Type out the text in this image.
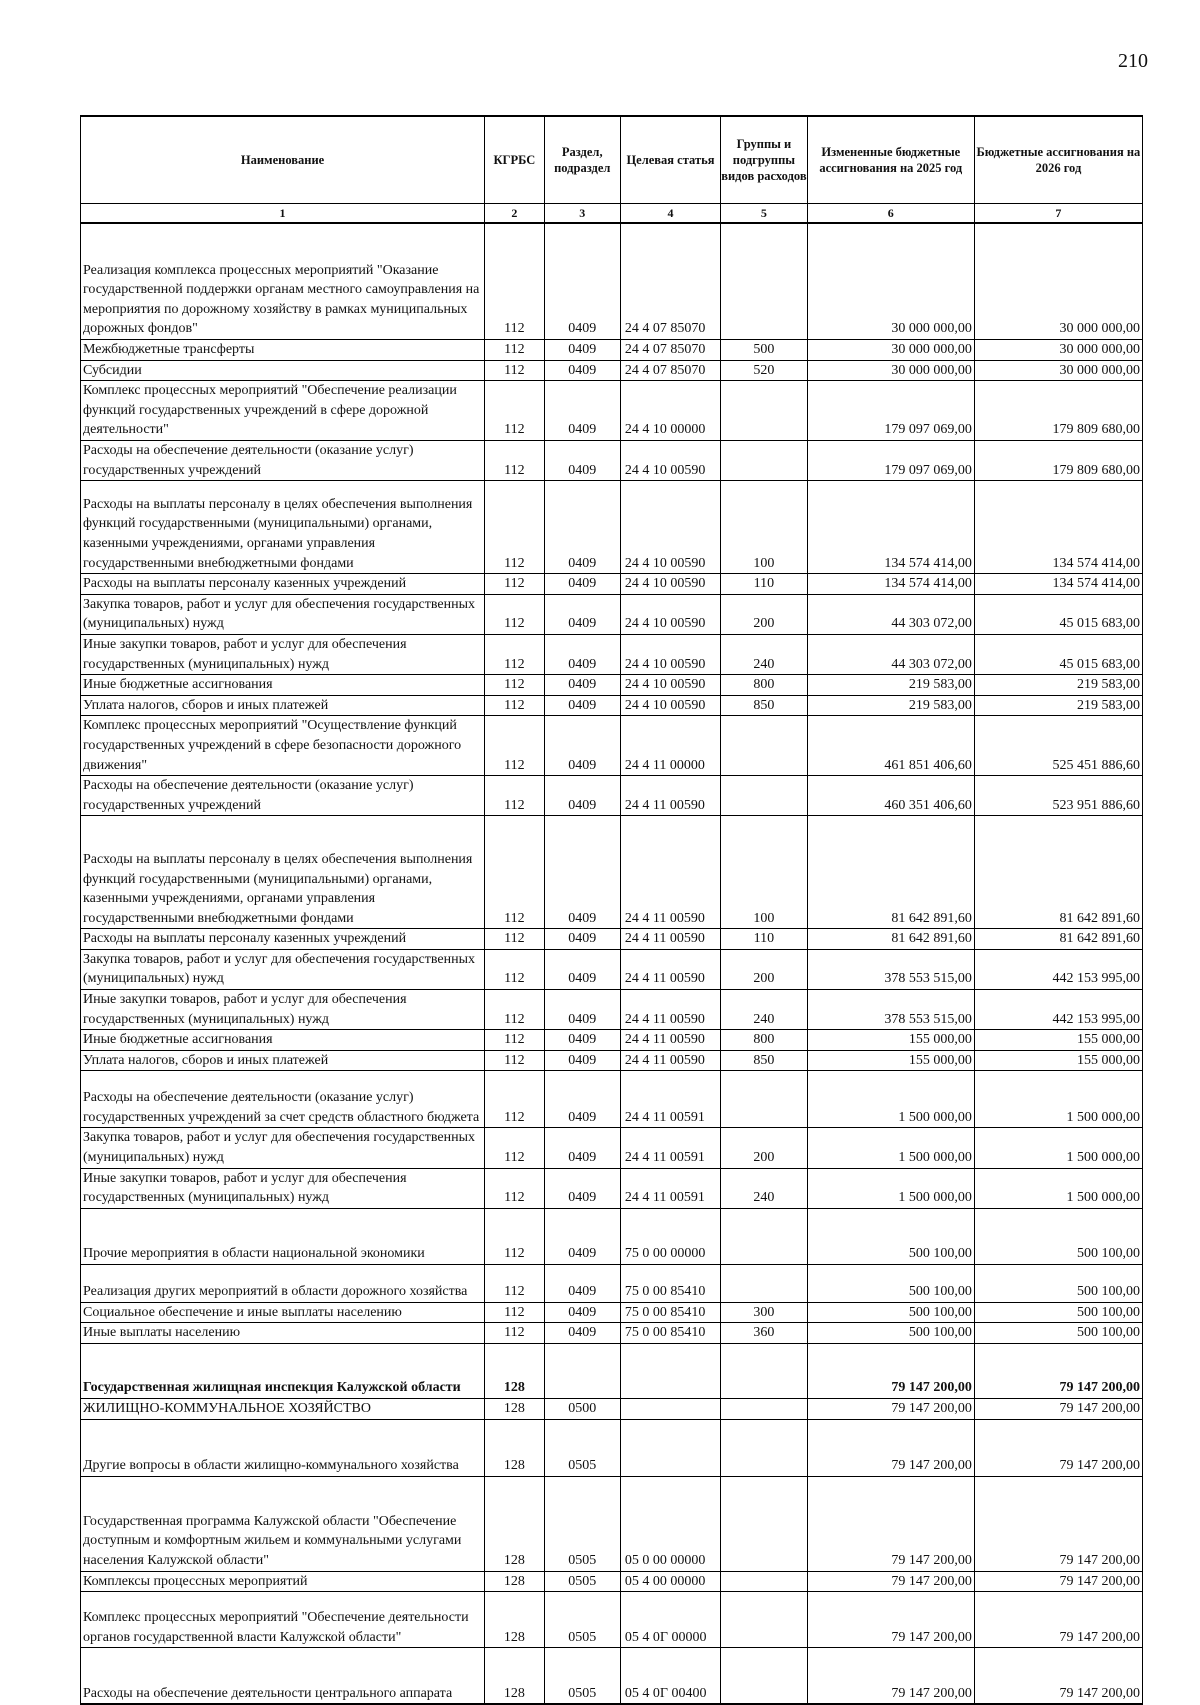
210
Наименование	КГРБС	Раздел, подраздел	Целевая статья	Группы и подгруппы видов расходов	Измененные бюджетные ассигнования на 2025 год	Бюджетные ассигнования на 2026 год
1	2	3	4	5	6	7
Реализация комплекса процессных мероприятий "Оказание государственной поддержки органам местного самоуправления на мероприятия по дорожному хозяйству в рамках муниципальных дорожных фондов"	112	0409	24 4 07 85070		30 000 000,00	30 000 000,00
Межбюджетные трансферты	112	0409	24 4 07 85070	500	30 000 000,00	30 000 000,00
Субсидии	112	0409	24 4 07 85070	520	30 000 000,00	30 000 000,00
Комплекс процессных мероприятий "Обеспечение реализации функций государственных учреждений в сфере дорожной деятельности"	112	0409	24 4 10 00000		179 097 069,00	179 809 680,00
Расходы на обеспечение деятельности (оказание услуг) государственных учреждений	112	0409	24 4 10 00590		179 097 069,00	179 809 680,00
Расходы на выплаты персоналу в целях обеспечения выполнения функций государственными (муниципальными) органами, казенными учреждениями, органами управления государственными внебюджетными фондами	112	0409	24 4 10 00590	100	134 574 414,00	134 574 414,00
Расходы на выплаты персоналу казенных учреждений	112	0409	24 4 10 00590	110	134 574 414,00	134 574 414,00
Закупка товаров, работ и услуг для обеспечения государственных (муниципальных) нужд	112	0409	24 4 10 00590	200	44 303 072,00	45 015 683,00
Иные закупки товаров, работ и услуг для обеспечения государственных (муниципальных) нужд	112	0409	24 4 10 00590	240	44 303 072,00	45 015 683,00
Иные бюджетные ассигнования	112	0409	24 4 10 00590	800	219 583,00	219 583,00
Уплата налогов, сборов и иных платежей	112	0409	24 4 10 00590	850	219 583,00	219 583,00
Комплекс процессных мероприятий "Осуществление функций государственных учреждений в сфере безопасности дорожного движения"	112	0409	24 4 11 00000		461 851 406,60	525 451 886,60
Расходы на обеспечение деятельности (оказание услуг) государственных учреждений	112	0409	24 4 11 00590		460 351 406,60	523 951 886,60
Расходы на выплаты персоналу в целях обеспечения выполнения функций государственными (муниципальными) органами, казенными учреждениями, органами управления государственными внебюджетными фондами	112	0409	24 4 11 00590	100	81 642 891,60	81 642 891,60
Расходы на выплаты персоналу казенных учреждений	112	0409	24 4 11 00590	110	81 642 891,60	81 642 891,60
Закупка товаров, работ и услуг для обеспечения государственных (муниципальных) нужд	112	0409	24 4 11 00590	200	378 553 515,00	442 153 995,00
Иные закупки товаров, работ и услуг для обеспечения государственных (муниципальных) нужд	112	0409	24 4 11 00590	240	378 553 515,00	442 153 995,00
Иные бюджетные ассигнования	112	0409	24 4 11 00590	800	155 000,00	155 000,00
Уплата налогов, сборов и иных платежей	112	0409	24 4 11 00590	850	155 000,00	155 000,00
Расходы на обеспечение деятельности (оказание услуг) государственных учреждений за счет средств областного бюджета	112	0409	24 4 11 00591		1 500 000,00	1 500 000,00
Закупка товаров, работ и услуг для обеспечения государственных (муниципальных) нужд	112	0409	24 4 11 00591	200	1 500 000,00	1 500 000,00
Иные закупки товаров, работ и услуг для обеспечения государственных (муниципальных) нужд	112	0409	24 4 11 00591	240	1 500 000,00	1 500 000,00
Прочие мероприятия в области национальной экономики	112	0409	75 0 00 00000		500 100,00	500 100,00
Реализация других мероприятий в области дорожного хозяйства	112	0409	75 0 00 85410		500 100,00	500 100,00
Социальное обеспечение и иные выплаты населению	112	0409	75 0 00 85410	300	500 100,00	500 100,00
Иные выплаты населению	112	0409	75 0 00 85410	360	500 100,00	500 100,00
Государственная жилищная инспекция Калужской области	128				79 147 200,00	79 147 200,00
ЖИЛИЩНО-КОММУНАЛЬНОЕ ХОЗЯЙСТВО	128	0500			79 147 200,00	79 147 200,00
Другие вопросы в области жилищно-коммунального хозяйства	128	0505			79 147 200,00	79 147 200,00
Государственная программа Калужской области "Обеспечение доступным и комфортным жильем и коммунальными услугами населения Калужской области"	128	0505	05 0 00 00000		79 147 200,00	79 147 200,00
Комплексы процессных мероприятий	128	0505	05 4 00 00000		79 147 200,00	79 147 200,00
Комплекс процессных мероприятий "Обеспечение деятельности органов государственной власти Калужской области"	128	0505	05 4 0Г 00000		79 147 200,00	79 147 200,00
Расходы на обеспечение деятельности центрального аппарата	128	0505	05 4 0Г 00400		79 147 200,00	79 147 200,00
